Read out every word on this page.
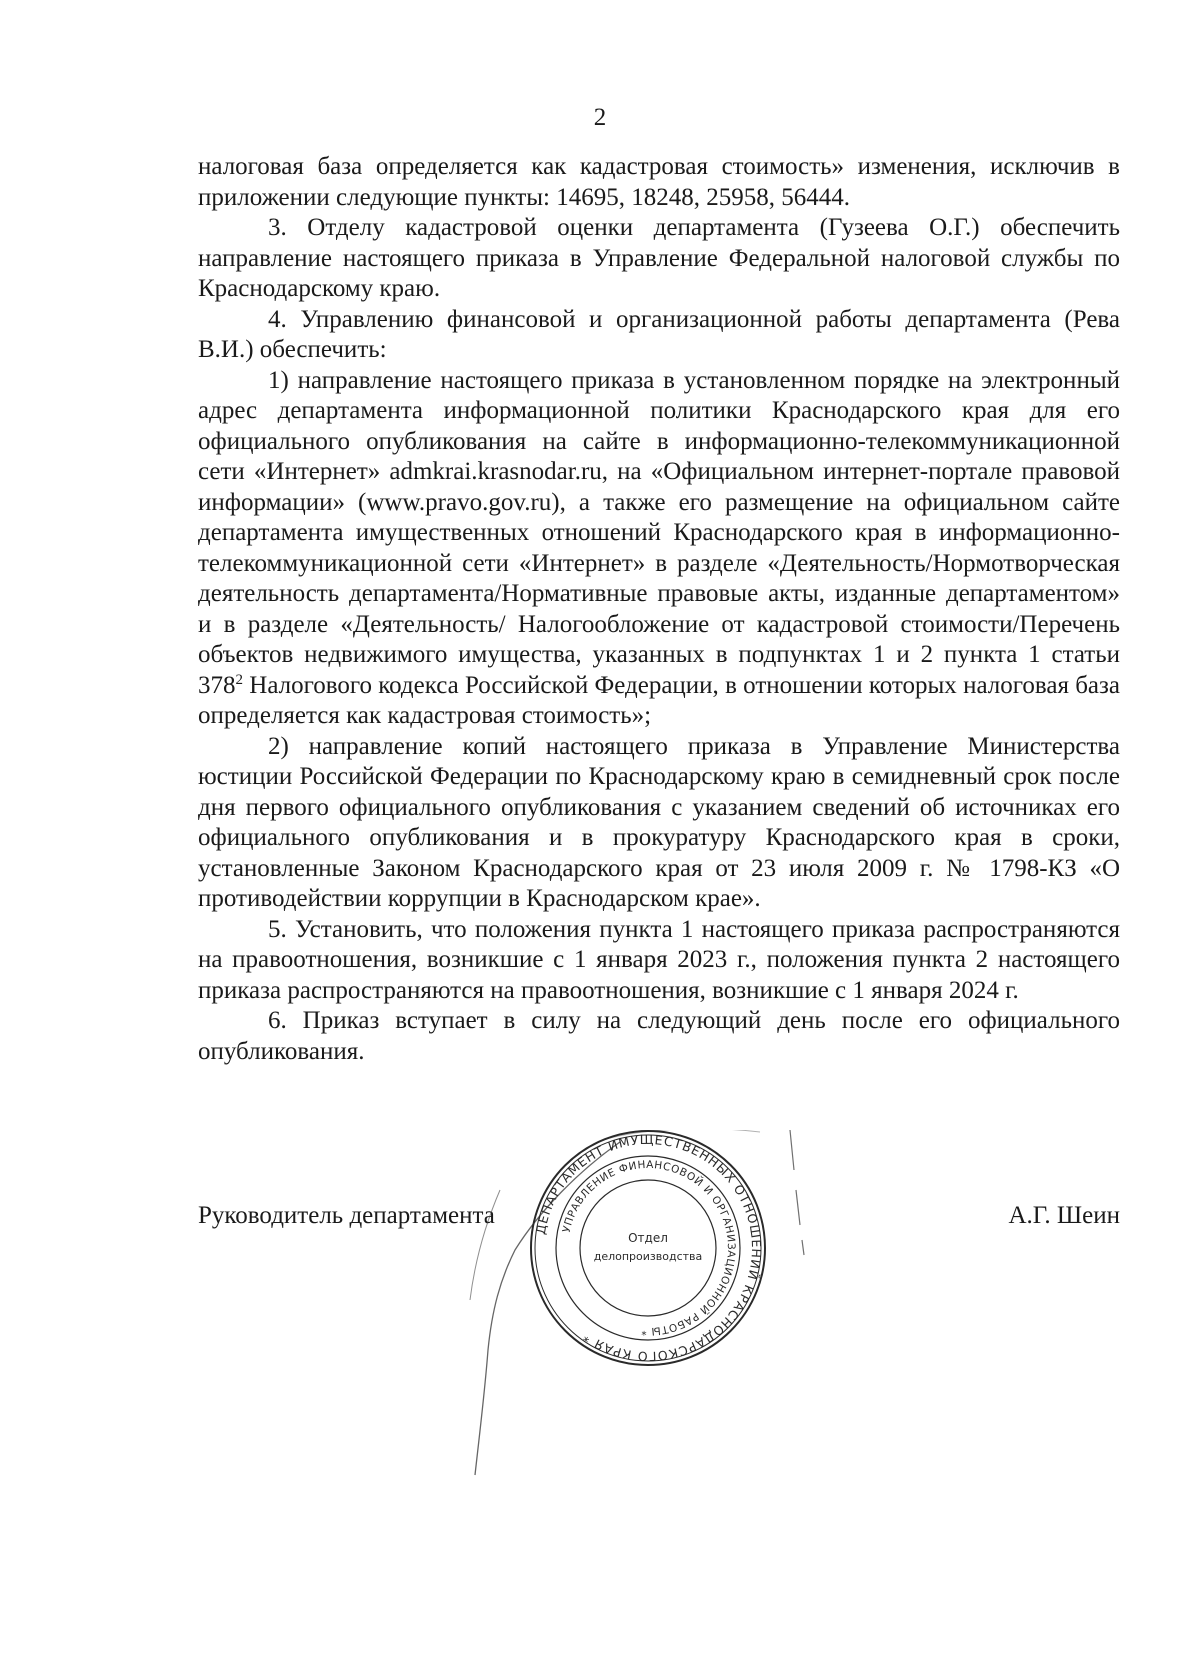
2

налоговая база определяется как кадастровая стоимость» изменения, исключив в приложении следующие пункты: 14695, 18248, 25958, 56444.

3. Отделу кадастровой оценки департамента (Гузеева О.Г.) обеспечить направление настоящего приказа в Управление Федеральной налоговой службы по Краснодарскому краю.

4. Управлению финансовой и организационной работы департамента (Рева В.И.) обеспечить:

1) направление настоящего приказа в установленном порядке на электронный адрес департамента информационной политики Краснодарского края для его официального опубликования на сайте в информационно-телекоммуникационной сети «Интернет» admkrai.krasnodar.ru, на «Официальном интернет-портале правовой информации» (www.pravo.gov.ru), а также его размещение на официальном сайте департамента имущественных отношений Краснодарского края в информационно-телекоммуникационной сети «Интернет» в разделе «Деятельность/Нормотворческая деятельность департамента/Нормативные правовые акты, изданные департаментом» и в разделе «Деятельность/ Налогообложение от кадастровой стоимости/Перечень объектов недвижимого имущества, указанных в подпунктах 1 и 2 пункта 1 статьи $378^2$ Налогового кодекса Российской Федерации, в отношении которых налоговая база определяется как кадастровая стоимость»;

2) направление копий настоящего приказа в Управление Министерства юстиции Российской Федерации по Краснодарскому краю в семидневный срок после дня первого официального опубликования с указанием сведений об источниках его официального опубликования и в прокуратуру Краснодарского края в сроки, установленные Законом Краснодарского края от 23 июля 2009 г. № 1798-КЗ «О противодействии коррупции в Краснодарском крае».

5. Установить, что положения пункта 1 настоящего приказа распространяются на правоотношения, возникшие с 1 января 2023 г., положения пункта 2 настоящего приказа распространяются на правоотношения, возникшие с 1 января 2024 г.

6. Приказ вступает в силу на следующий день после его официального опубликования.

Руководитель департамента	А.Г. Шеин
ДЕПАРТАМЕНТ ИМУЩЕСТВЕННЫХ ОТНОШЕНИЙ КРАСНОДАРСКОГО КРАЯ *
УПРАВЛЕНИЕ ФИНАНСОВОЙ И ОРГАНИЗАЦИОННОЙ РАБОТЫ *
Отдел
делопроизводства
